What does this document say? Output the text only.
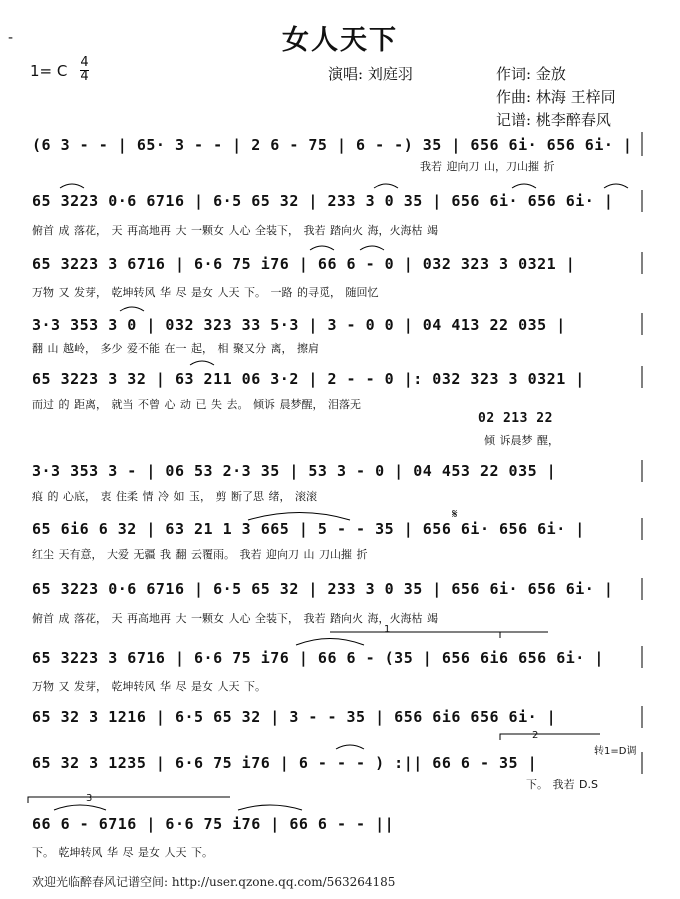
-	女人天下
1= C 4
4	演唱: 刘庭羽	作词: 金放
作曲: 林海 王梓同
记谱: 桃李醉春风
(6 3 - - | 65· 3 - - | 2 6 - 75 | 6 - -) 35 | 656 6i· 656 6i· |
我若 迎向刀 山，刀山摧 折
65 3223 0·6 6716 | 6·5 65 32 | 233 3 0 35 | 656 6i· 656 6i· |
俯首 成 落花， 天 再高地再 大 一颗女 人心 全装下， 我若 踏向火 海，火海枯 竭
65 3223 3 6716 | 6·6 75 i76 | 66 6 - 0 | 032 323 3 0321 |
万物 又 发芽， 乾坤转风 华 尽 是女 人天 下。 一路 的寻觅， 随回忆
3·3 353 3 0 | 032 323 33 5·3 | 3 - 0 0 | 04 413 22 035 |
翻 山 越岭， 多少 爱不能 在一 起， 相 聚又分 离， 擦肩
65 3223 3 32 | 63 211 06 3·2 | 2 - - 0 |: 032 323 3 0321 |
而过 的 距离， 就当 不曾 心 动 已 失 去。 倾诉 晨梦醒， 泪落无
02 213 22
倾 诉晨梦 醒，
3·3 353 3 - | 06 53 2·3 35 | 53 3 - 0 | 04 453 22 035 |
痕 的 心底， 衷 住柔 情 冷 如 玉， 剪 断了思 绪， 滚滚
65 6i6 6 32 | 63 21 1 3 665 | 5 - - 35 | 656 6i· 656 6i· |
红尘 天有意， 大爱 无疆 我 翻 云覆雨。 我若 迎向刀 山 刀山摧 折
𝄋
65 3223 0·6 6716 | 6·5 65 32 | 233 3 0 35 | 656 6i· 656 6i· |
俯首 成 落花， 天 再高地再 大 一颗女 人心 全装下， 我若 踏向火 海，火海枯 竭
65 3223 3 6716 | 6·6 75 i76 | 66 6 - (35 | 656 6i6 656 6i· |
万物 又 发芽， 乾坤转风 华 尽 是女 人天 下。
1
65 32 3 1216 | 6·5 65 32 | 3 - - 35 | 656 6i6 656 6i· |
65 32 3 1235 | 6·6 75 i76 | 6 - - - ) :|| 66 6 - 35 |
下。 我若 D.S
2
转1=D调
66 6 - 6716 | 6·6 75 i76 | 66 6 - - ||
下。 乾坤转风 华 尽 是女 人天 下。
3
欢迎光临醉春风记谱空间: http://user.qzone.qq.com/563264185
